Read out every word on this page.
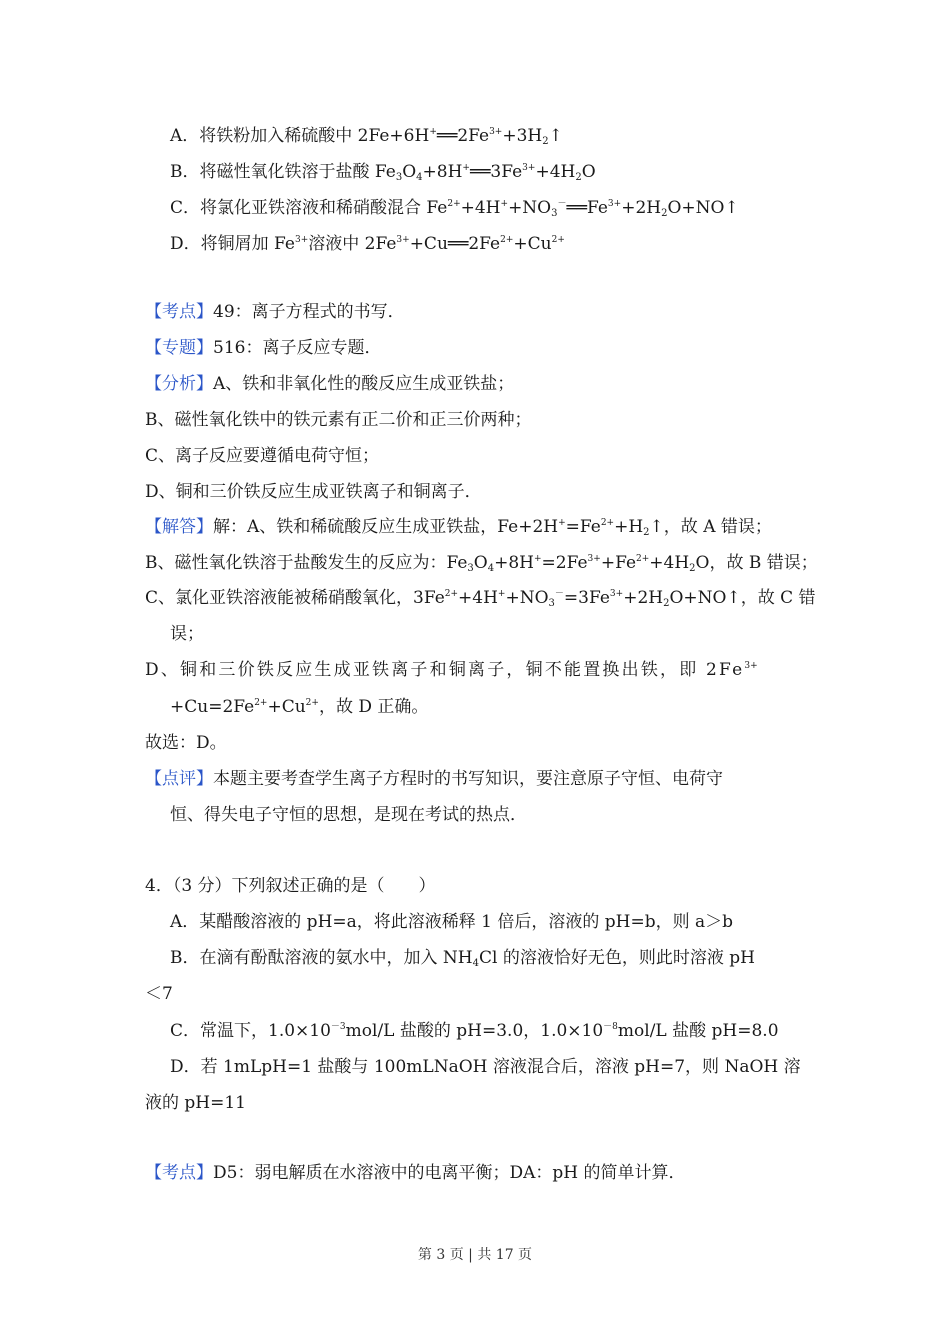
A．将铁粉加入稀硫酸中 $2Fe+6H^+══2Fe^{3+}+3H_2↑$
B．将磁性氧化铁溶于盐酸 $Fe_3O_4+8H^+══3Fe^{3+}+4H_2O$
C．将氯化亚铁溶液和稀硝酸混合 $Fe^{2+}+4H^++NO_3^-══Fe^{3+}+2H_2O+NO↑$
D．将铜屑加 $Fe^{3+}$溶液中 $2Fe^{3+}+Cu══2Fe^{2+}+Cu^{2+}$
【考点】49：离子方程式的书写．
【专题】516：离子反应专题．
【分析】A、铁和非氧化性的酸反应生成亚铁盐；
B、磁性氧化铁中的铁元素有正二价和正三价两种；
C、离子反应要遵循电荷守恒；
D、铜和三价铁反应生成亚铁离子和铜离子．
【解答】解：A、铁和稀硫酸反应生成亚铁盐，$Fe+2H^+=Fe^{2+}+H_2↑$，故 A 错误；
B、磁性氧化铁溶于盐酸发生的反应为：$Fe_3O_4+8H^+=2Fe^{3+}+Fe^{2+}+4H_2O$，故 B 错误；
C、氯化亚铁溶液能被稀硝酸氧化，$3Fe^{2+}+4H^++NO_3^-=3Fe^{3+}+2H_2O+NO↑$，故 C 错
误；
D、铜和三价铁反应生成亚铁离子和铜离子，铜不能置换出铁，即 $2Fe^{3+}$
$+Cu=2Fe^{2+}+Cu^{2+}$，故 D 正确。
故选：D。
【点评】本题主要考查学生离子方程时的书写知识，要注意原子守恒、电荷守
恒、得失电子守恒的思想，是现在考试的热点．
4．（3 分）下列叙述正确的是（　　）
A．某醋酸溶液的 pH=a，将此溶液稀释 1 倍后，溶液的 pH=b，则 a＞b
B．在滴有酚酞溶液的氨水中，加入 $NH_4Cl$ 的溶液恰好无色，则此时溶液 pH
＜7
C．常温下，$1.0\times 10^{-3}mol/L$ 盐酸的 pH=3.0，$1.0\times 10^{-8}mol/L$ 盐酸 pH=8.0
D．若 1mLpH=1 盐酸与 100mLNaOH 溶液混合后，溶液 pH=7，则 NaOH 溶
液的 pH=11
【考点】D5：弱电解质在水溶液中的电离平衡；DA：pH 的简单计算．
第 3 页 | 共 17 页
